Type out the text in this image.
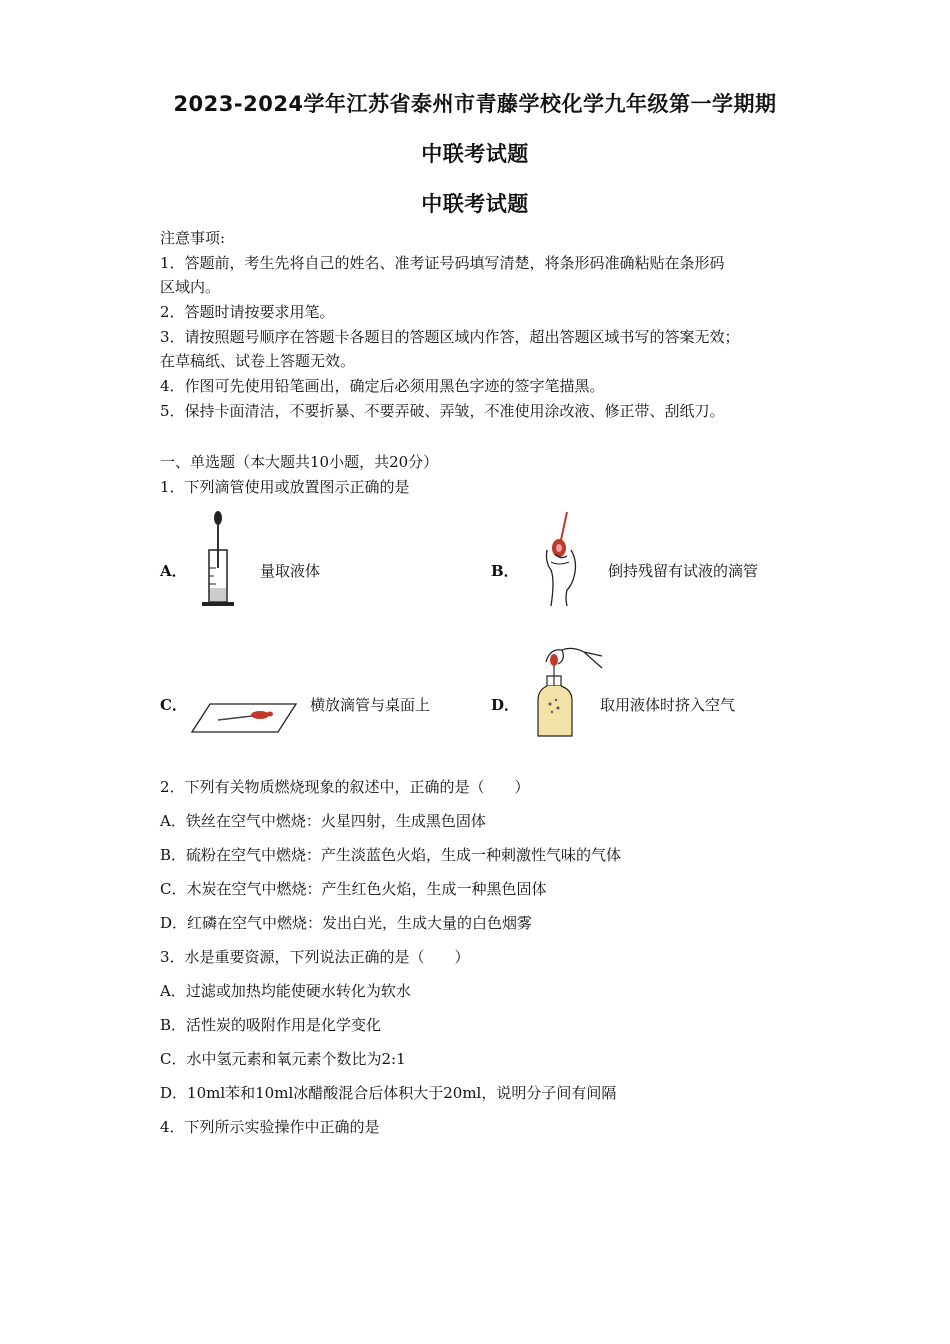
2023-2024学年江苏省泰州市青藤学校化学九年级第一学期期
中联考试题
中联考试题
注意事项:
1．答题前，考生先将自己的姓名、准考证号码填写清楚，将条形码准确粘贴在条形码
区域内。
2．答题时请按要求用笔。
3．请按照题号顺序在答题卡各题目的答题区域内作答，超出答题区域书写的答案无效；
在草稿纸、试卷上答题无效。
4．作图可先使用铅笔画出，确定后必须用黑色字迹的签字笔描黑。
5．保持卡面清洁，不要折暴、不要弄破、弄皱，不准使用涂改液、修正带、刮纸刀。
一、单选题（本大题共10小题，共20分）
1．下列滴管使用或放置图示正确的是
A．	量取液体	B．	倒持残留有试液的滴管
C．	横放滴管与桌面上	D．	取用液体时挤入空气
2．下列有关物质燃烧现象的叙述中，正确的是（　　）
A．铁丝在空气中燃烧：火星四射，生成黑色固体
B．硫粉在空气中燃烧：产生淡蓝色火焰，生成一种刺激性气味的气体
C．木炭在空气中燃烧：产生红色火焰，生成一种黑色固体
D．红磷在空气中燃烧：发出白光，生成大量的白色烟雾
3．水是重要资源，下列说法正确的是（　　）
A．过滤或加热均能使硬水转化为软水
B．活性炭的吸附作用是化学变化
C．水中氢元素和氧元素个数比为2:1
D．10ml苯和10ml冰醋酸混合后体积大于20ml，说明分子间有间隔
4．下列所示实验操作中正确的是
